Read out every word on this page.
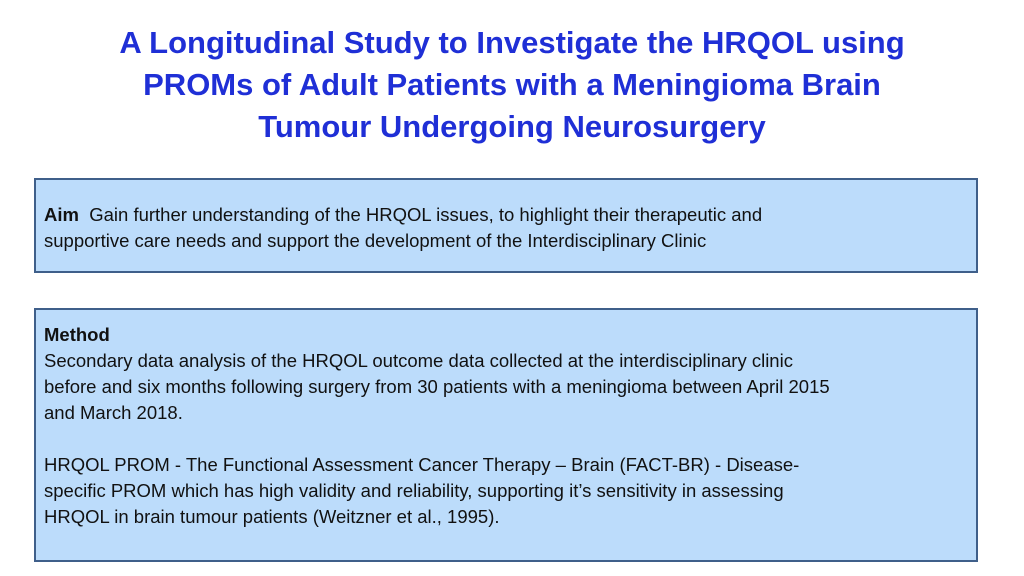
A Longitudinal Study to Investigate the HRQOL using
PROMs of Adult Patients with a Meningioma Brain
Tumour Undergoing Neurosurgery
Aim Gain further understanding of the HRQOL issues, to highlight their therapeutic and
supportive care needs and support the development of the Interdisciplinary Clinic
Method
Secondary data analysis of the HRQOL outcome data collected at the interdisciplinary clinic
before and six months following surgery from 30 patients with a meningioma between April 2015
and March 2018.
HRQOL PROM - The Functional Assessment Cancer Therapy – Brain (FACT-BR) - Disease-
specific PROM which has high validity and reliability, supporting it’s sensitivity in assessing
HRQOL in brain tumour patients (Weitzner et al., 1995).
